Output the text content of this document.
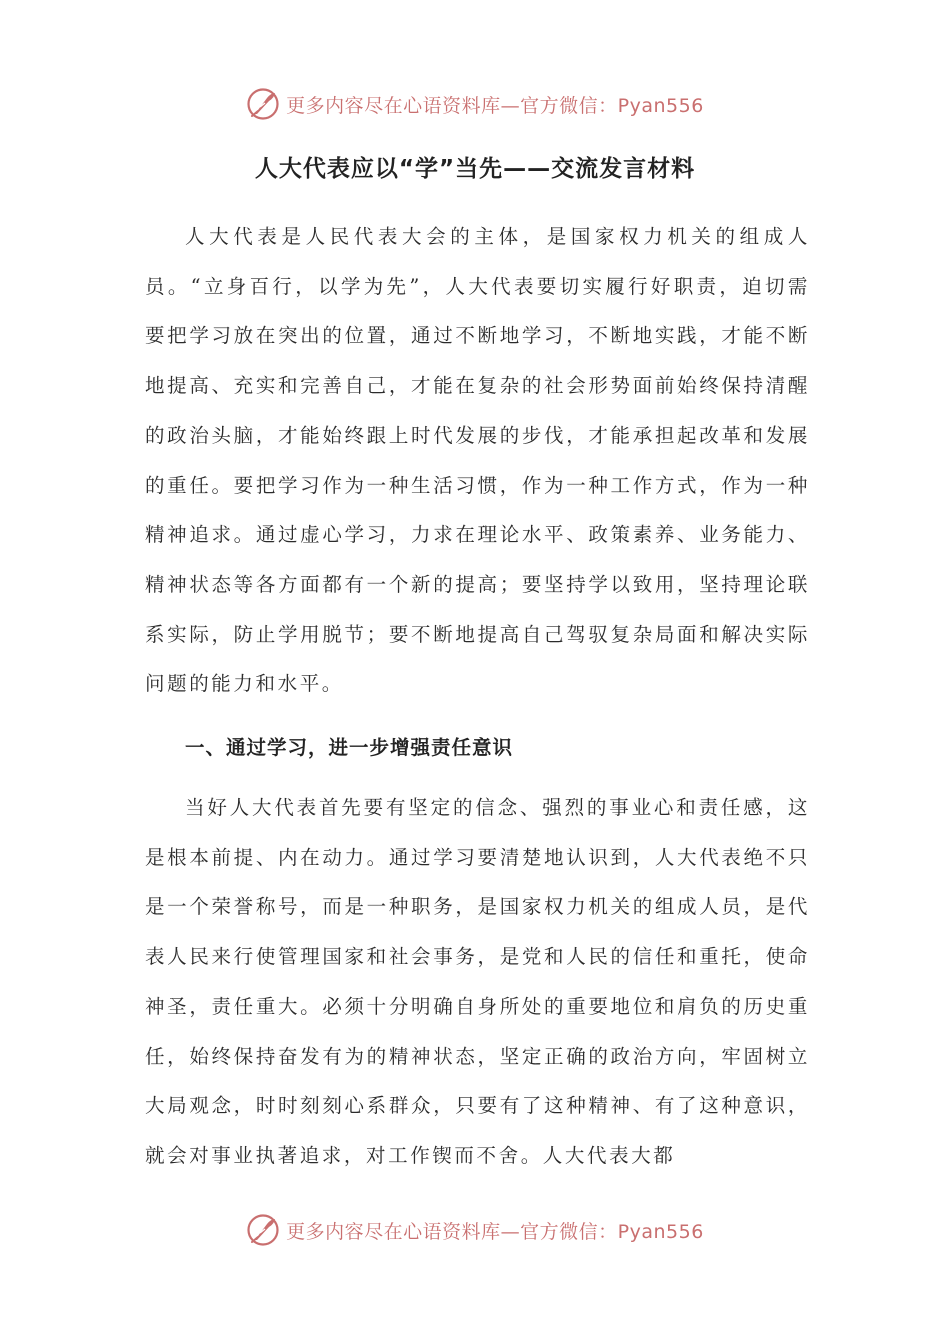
更多内容尽在心语资料库—官方微信：Pyan556
人大代表应以“学”当先——交流发言材料

人大代表是人民代表大会的主体，是国家权力机关的组成人员。“立身百行，以学为先”，人大代表要切实履行好职责，迫切需要把学习放在突出的位置，通过不断地学习，不断地实践，才能不断地提高、充实和完善自己，才能在复杂的社会形势面前始终保持清醒的政治头脑，才能始终跟上时代发展的步伐，才能承担起改革和发展的重任。要把学习作为一种生活习惯，作为一种工作方式，作为一种精神追求。通过虚心学习，力求在理论水平、政策素养、业务能力、精神状态等各方面都有一个新的提高；要坚持学以致用，坚持理论联系实际，防止学用脱节；要不断地提高自己驾驭复杂局面和解决实际问题的能力和水平。

一、通过学习，进一步增强责任意识

当好人大代表首先要有坚定的信念、强烈的事业心和责任感，这是根本前提、内在动力。通过学习要清楚地认识到，人大代表绝不只是一个荣誉称号，而是一种职务，是国家权力机关的组成人员，是代表人民来行使管理国家和社会事务，是党和人民的信任和重托，使命神圣，责任重大。必须十分明确自身所处的重要地位和肩负的历史重任，始终保持奋发有为的精神状态，坚定正确的政治方向，牢固树立大局观念，时时刻刻心系群众，只要有了这种精神、有了这种意识，就会对事业执著追求，对工作锲而不舍。人大代表大都

更多内容尽在心语资料库—官方微信：Pyan556
